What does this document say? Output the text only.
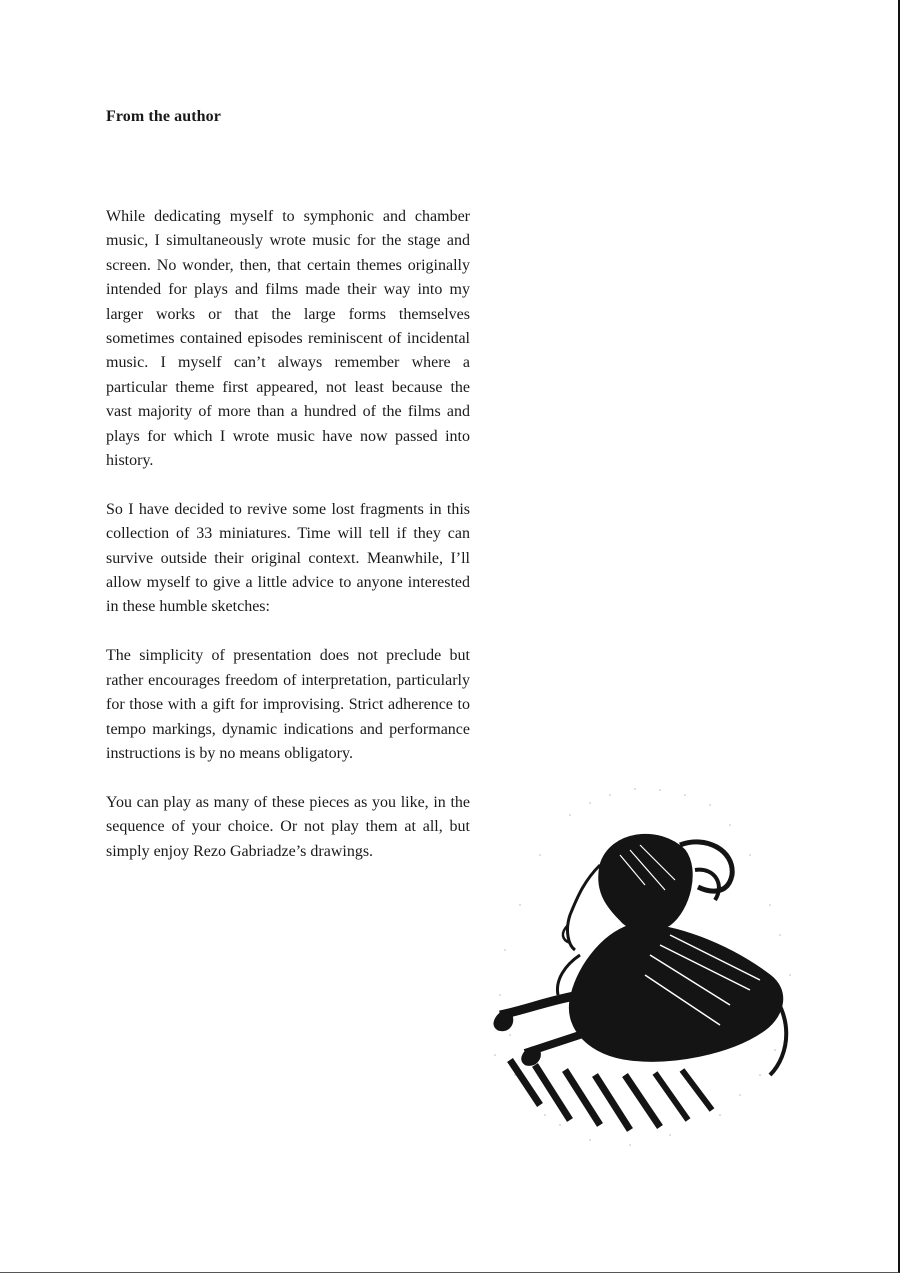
From the author

While dedicating myself to symphonic and chamber music, I simultaneously wrote music for the stage and screen. No wonder, then, that certain themes originally intended for plays and films made their way into my larger works or that the large forms themselves sometimes contained episodes reminiscent of incidental music. I myself can’t always remember where a particular theme first appeared, not least because the vast majority of more than a hundred of the films and plays for which I wrote music have now passed into history.

So I have decided to revive some lost fragments in this collection of 33 miniatures. Time will tell if they can survive outside their original context. Meanwhile, I’ll allow myself to give a little advice to anyone interested in these humble sketches:

The simplicity of presentation does not preclude but rather encourages freedom of interpretation, particularly for those with a gift for improvising. Strict adherence to tempo markings, dynamic indications and performance instructions is by no means obligatory.

You can play as many of these pieces as you like, in the sequence of your choice. Or not play them at all, but simply enjoy Rezo Gabriadze’s drawings.
